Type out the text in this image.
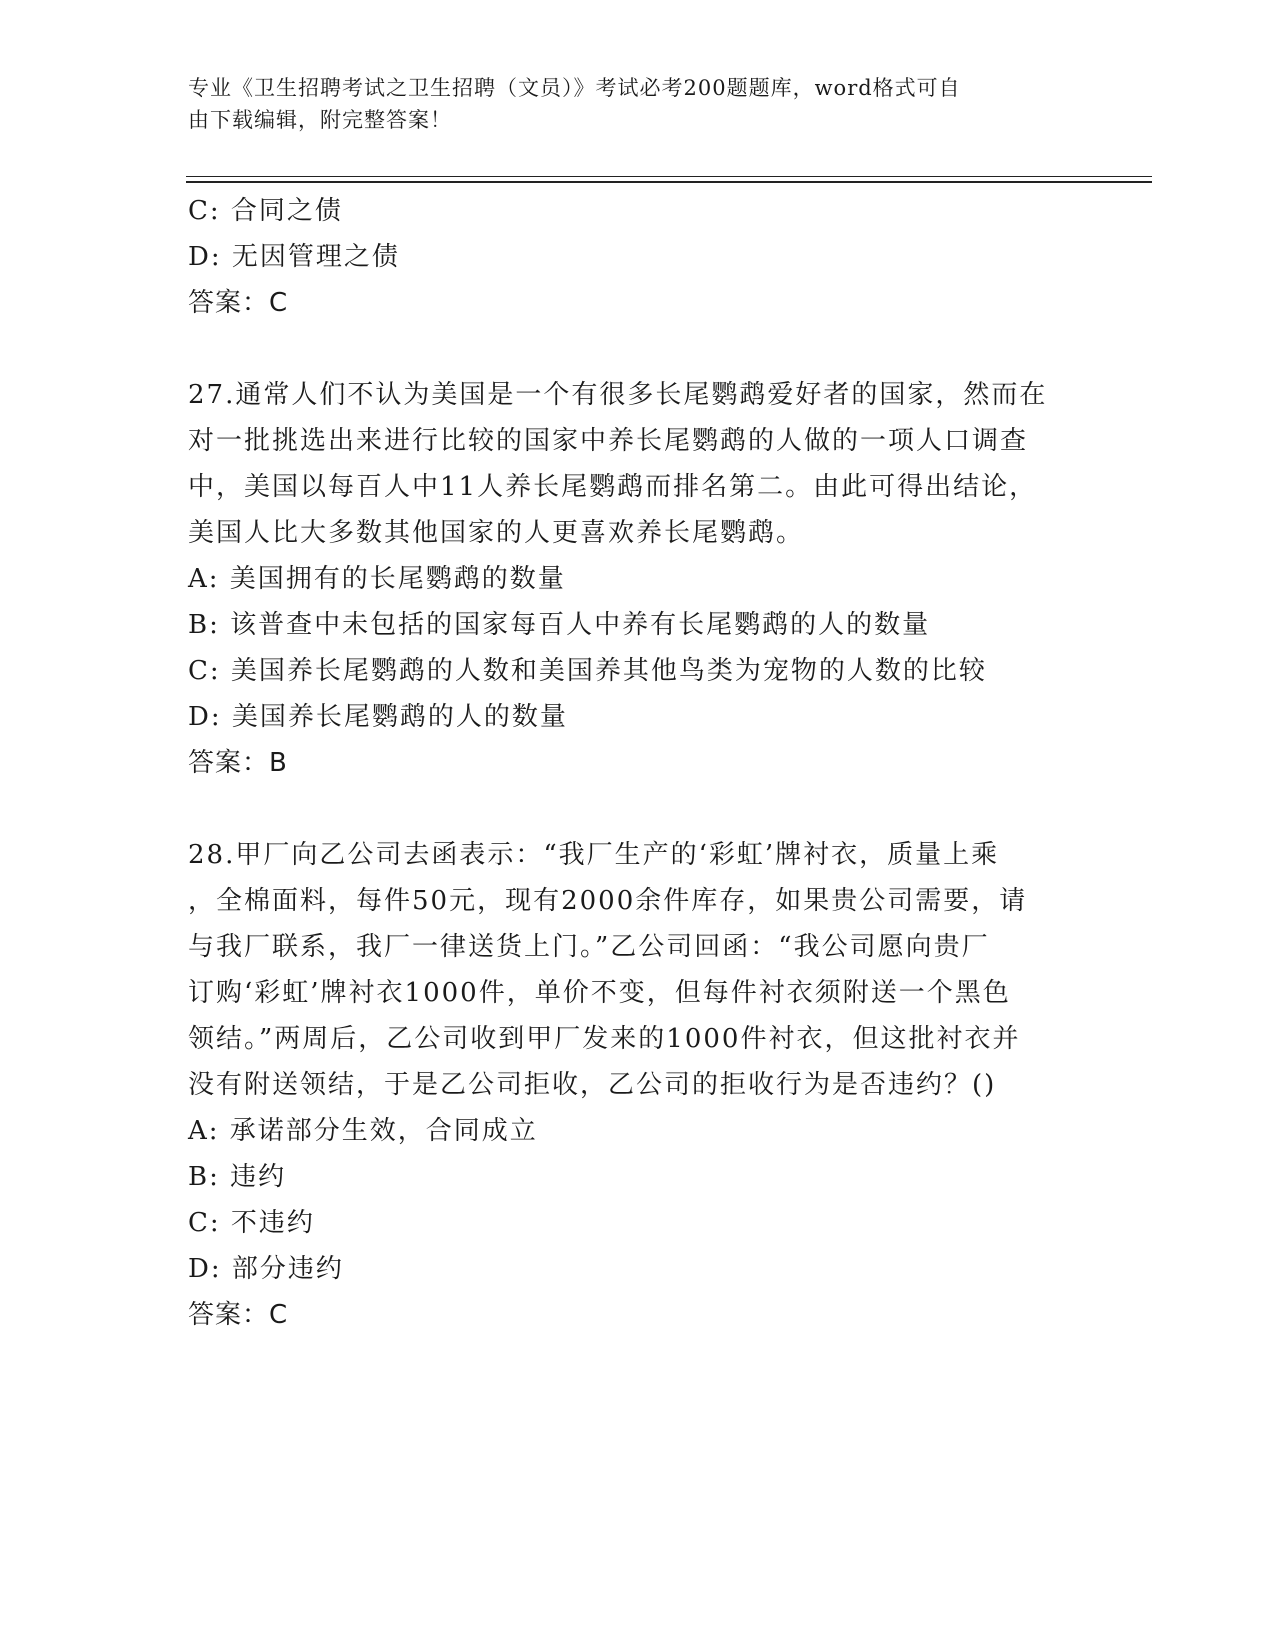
专业《卫生招聘考试之卫生招聘（文员）》考试必考200题题库，word格式可自
由下载编辑，附完整答案！
C: 合同之债
D: 无因管理之债
答案：C
27.通常人们不认为美国是一个有很多长尾鹦鹉爱好者的国家，然而在
对一批挑选出来进行比较的国家中养长尾鹦鹉的人做的一项人口调查
中，美国以每百人中11人养长尾鹦鹉而排名第二。由此可得出结论，
美国人比大多数其他国家的人更喜欢养长尾鹦鹉。
A: 美国拥有的长尾鹦鹉的数量
B: 该普查中未包括的国家每百人中养有长尾鹦鹉的人的数量
C: 美国养长尾鹦鹉的人数和美国养其他鸟类为宠物的人数的比较
D: 美国养长尾鹦鹉的人的数量
答案：B
28.甲厂向乙公司去函表示：“我厂生产的‘彩虹’牌衬衣，质量上乘
，全棉面料，每件50元，现有2000余件库存，如果贵公司需要，请
与我厂联系，我厂一律送货上门。”乙公司回函：“我公司愿向贵厂
订购‘彩虹’牌衬衣1000件，单价不变，但每件衬衣须附送一个黑色
领结。”两周后，乙公司收到甲厂发来的1000件衬衣，但这批衬衣并
没有附送领结，于是乙公司拒收，乙公司的拒收行为是否违约？()
A: 承诺部分生效，合同成立
B: 违约
C: 不违约
D: 部分违约
答案：C
